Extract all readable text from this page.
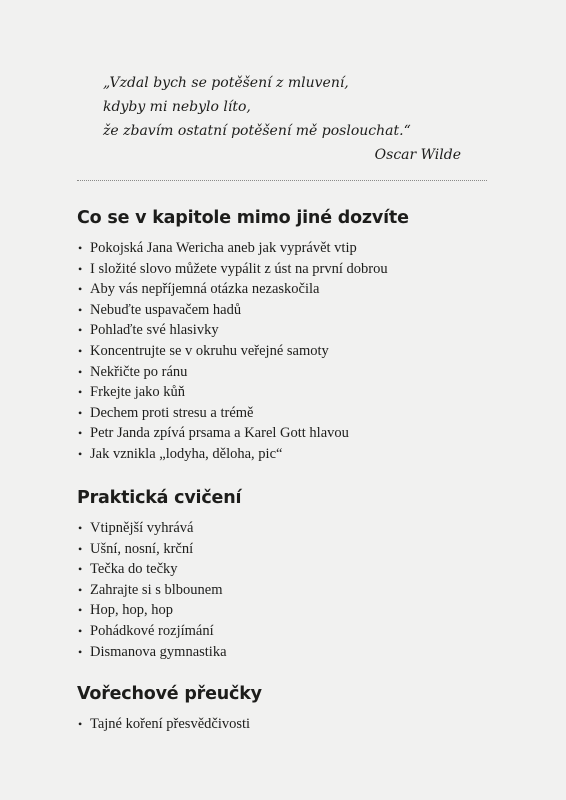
„Vzdal bych se potěšení z mluvení,
kdyby mi nebylo líto,
že zbavím ostatní potěšení mě poslouchat.“
Oscar Wilde
Co se v kapitole mimo jiné dozvíte
• Pokojská Jana Wericha aneb jak vyprávět vtip
• I složité slovo můžete vypálit z úst na první dobrou
• Aby vás nepříjemná otázka nezaskočila
• Nebuďte uspavačem hadů
• Pohlaďte své hlasivky
• Koncentrujte se v okruhu veřejné samoty
• Nekřičte po ránu
• Frkejte jako kůň
• Dechem proti stresu a trémě
• Petr Janda zpívá prsama a Karel Gott hlavou
• Jak vznikla „lodyha, děloha, pic“
Praktická cvičení
• Vtipnější vyhrává
• Ušní, nosní, krční
• Tečka do tečky
• Zahrajte si s blbounem
• Hop, hop, hop
• Pohádkové rozjímání
• Dismanova gymnastika
Vořechové přeučky
• Tajné koření přesvědčivosti
